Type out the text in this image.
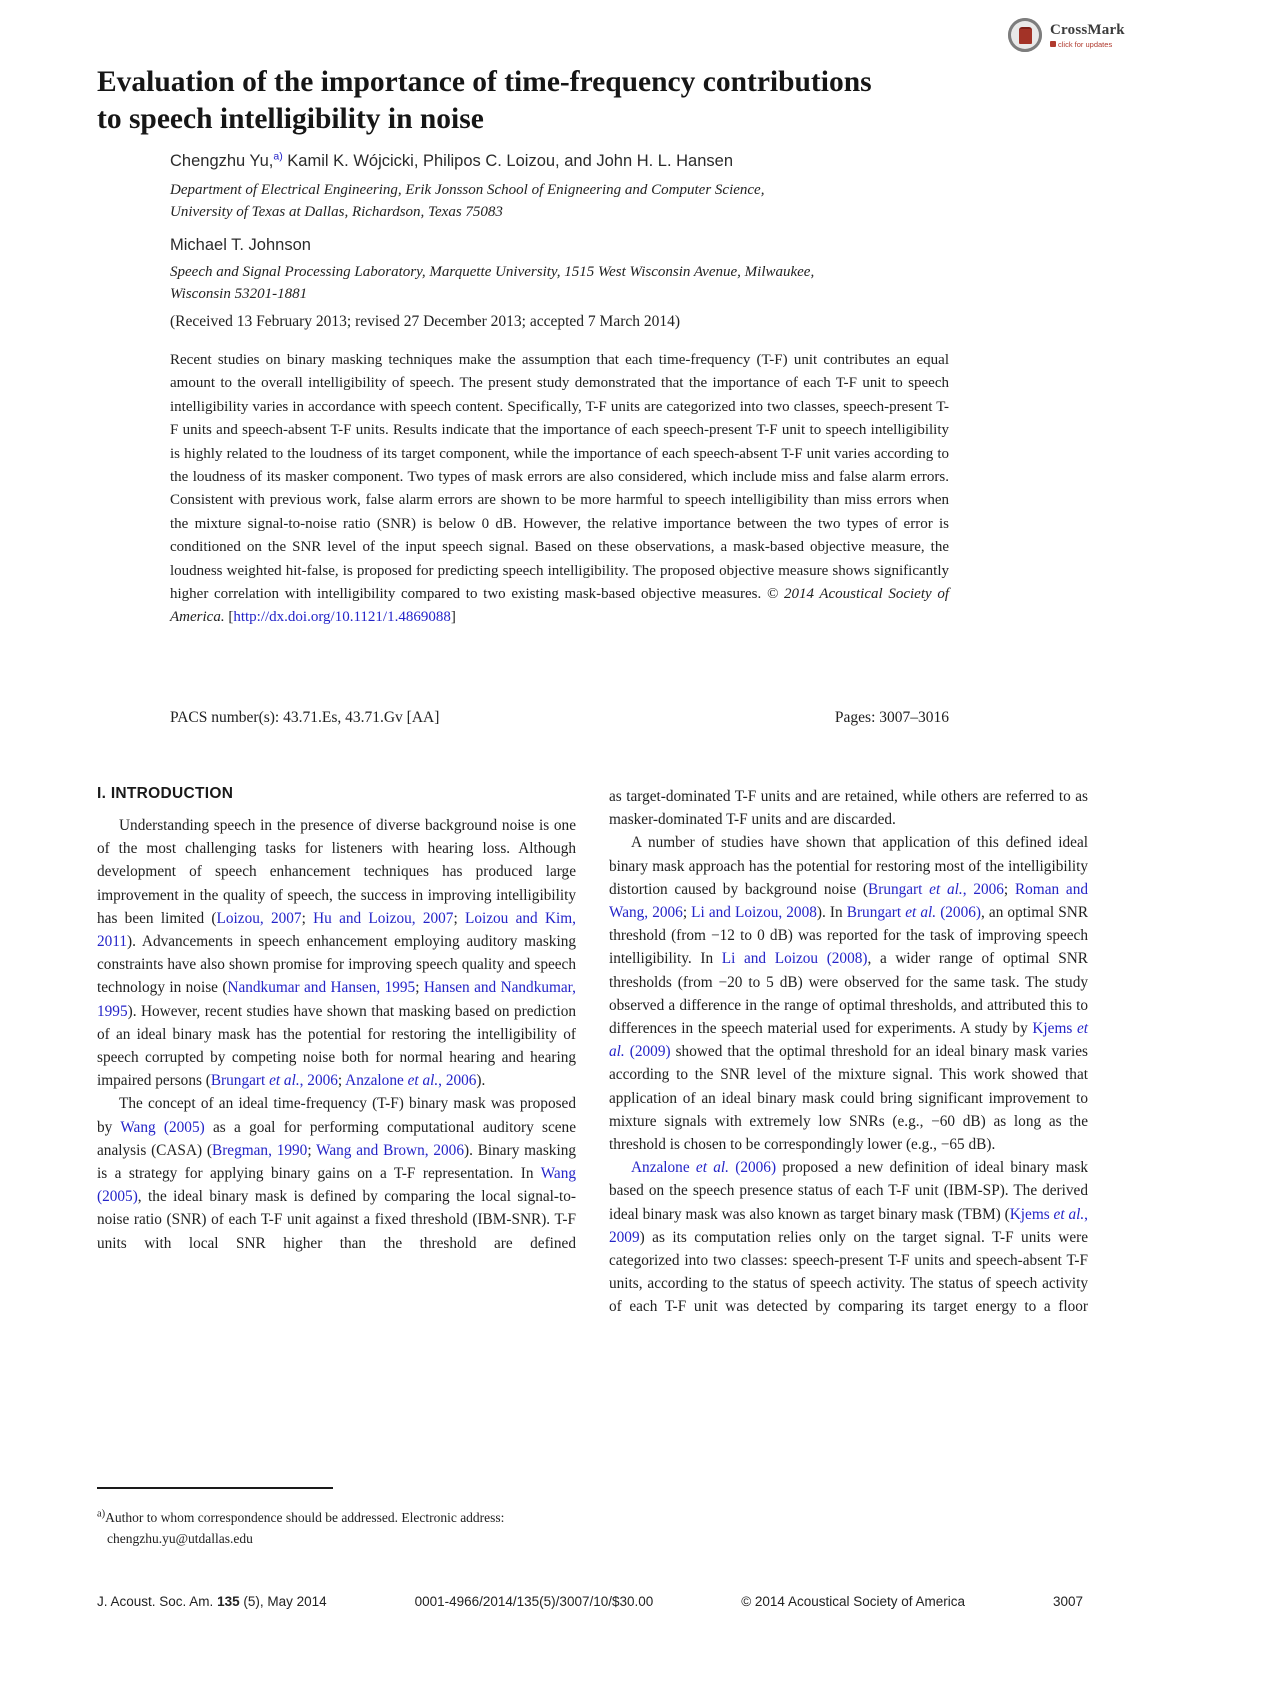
CrossMark
click for updates
Evaluation of the importance of time-frequency contributions
to speech intelligibility in noise
Chengzhu Yu,$^{a)}$ Kamil K. Wójcicki, Philipos C. Loizou, and John H. L. Hansen
Department of Electrical Engineering, Erik Jonsson School of Enigneering and Computer Science,
University of Texas at Dallas, Richardson, Texas 75083
Michael T. Johnson
Speech and Signal Processing Laboratory, Marquette University, 1515 West Wisconsin Avenue, Milwaukee,
Wisconsin 53201-1881
(Received 13 February 2013; revised 27 December 2013; accepted 7 March 2014)
Recent studies on binary masking techniques make the assumption that each time-frequency (T-F) unit contributes an equal amount to the overall intelligibility of speech. The present study demonstrated that the importance of each T-F unit to speech intelligibility varies in accordance with speech content. Specifically, T-F units are categorized into two classes, speech-present T-F units and speech-absent T-F units. Results indicate that the importance of each speech-present T-F unit to speech intelligibility is highly related to the loudness of its target component, while the importance of each speech-absent T-F unit varies according to the loudness of its masker component. Two types of mask errors are also considered, which include miss and false alarm errors. Consistent with previous work, false alarm errors are shown to be more harmful to speech intelligibility than miss errors when the mixture signal-to-noise ratio (SNR) is below 0 dB. However, the relative importance between the two types of error is conditioned on the SNR level of the input speech signal. Based on these observations, a mask-based objective measure, the loudness weighted hit-false, is proposed for predicting speech intelligibility. The proposed objective measure shows significantly higher correlation with intelligibility compared to two existing mask-based objective measures. © 2014 Acoustical Society of America. [http://dx.doi.org/10.1121/1.4869088]
PACS number(s): 43.71.Es, 43.71.Gv [AA]	Pages: 3007–3016
I. INTRODUCTION

Understanding speech in the presence of diverse background noise is one of the most challenging tasks for listeners with hearing loss. Although development of speech enhancement techniques has produced large improvement in the quality of speech, the success in improving intelligibility has been limited (Loizou, 2007; Hu and Loizou, 2007; Loizou and Kim, 2011). Advancements in speech enhancement employing auditory masking constraints have also shown promise for improving speech quality and speech technology in noise (Nandkumar and Hansen, 1995; Hansen and Nandkumar, 1995). However, recent studies have shown that masking based on prediction of an ideal binary mask has the potential for restoring the intelligibility of speech corrupted by competing noise both for normal hearing and hearing impaired persons (Brungart et al., 2006; Anzalone et al., 2006).

The concept of an ideal time-frequency (T-F) binary mask was proposed by Wang (2005) as a goal for performing computational auditory scene analysis (CASA) (Bregman, 1990; Wang and Brown, 2006). Binary masking is a strategy for applying binary gains on a T-F representation. In Wang (2005), the ideal binary mask is defined by comparing the local signal-to-noise ratio (SNR) of each T-F unit against a fixed threshold (IBM-SNR). T-F units with local SNR higher than the threshold are defined

as target-dominated T-F units and are retained, while others are referred to as masker-dominated T-F units and are discarded.

A number of studies have shown that application of this defined ideal binary mask approach has the potential for restoring most of the intelligibility distortion caused by background noise (Brungart et al., 2006; Roman and Wang, 2006; Li and Loizou, 2008). In Brungart et al. (2006), an optimal SNR threshold (from −12 to 0 dB) was reported for the task of improving speech intelligibility. In Li and Loizou (2008), a wider range of optimal SNR thresholds (from −20 to 5 dB) were observed for the same task. The study observed a difference in the range of optimal thresholds, and attributed this to differences in the speech material used for experiments. A study by Kjems et al. (2009) showed that the optimal threshold for an ideal binary mask varies according to the SNR level of the mixture signal. This work showed that application of an ideal binary mask could bring significant improvement to mixture signals with extremely low SNRs (e.g., −60 dB) as long as the threshold is chosen to be correspondingly lower (e.g., −65 dB).

Anzalone et al. (2006) proposed a new definition of ideal binary mask based on the speech presence status of each T-F unit (IBM-SP). The derived ideal binary mask was also known as target binary mask (TBM) (Kjems et al., 2009) as its computation relies only on the target signal. T-F units were categorized into two classes: speech-present T-F units and speech-absent T-F units, according to the status of speech activity. The status of speech activity of each T-F unit was detected by comparing its target energy to a floor

$^{a)}$Author to whom correspondence should be addressed. Electronic address:
chengzhu.yu@utdallas.edu
J. Acoust. Soc. Am. 135 (5), May 2014	0001-4966/2014/135(5)/3007/10/$30.00	© 2014 Acoustical Society of America	3007
